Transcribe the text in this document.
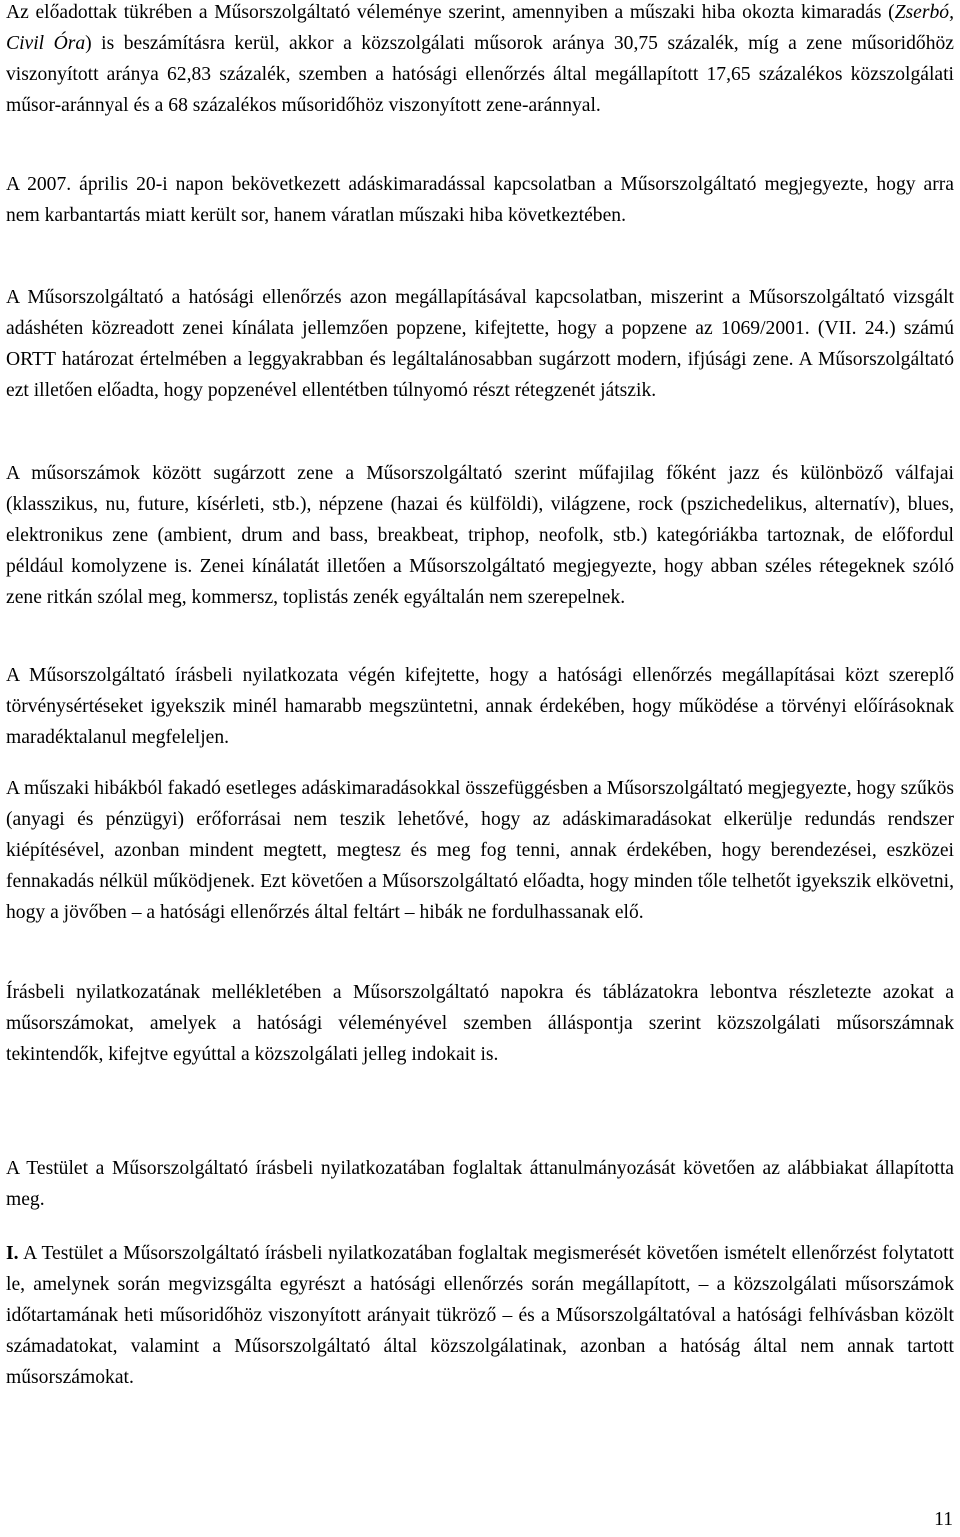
Az előadottak tükrében a Műsorszolgáltató véleménye szerint, amennyiben a műszaki hiba okozta kimaradás (Zserbó, Civil Óra) is beszámításra kerül, akkor a közszolgálati műsorok aránya 30,75 százalék, míg a zene műsoridőhöz viszonyított aránya 62,83 százalék, szemben a hatósági ellenőrzés által megállapított 17,65 százalékos közszolgálati műsor-aránnyal és a 68 százalékos műsoridőhöz viszonyított zene-aránnyal.

A 2007. április 20-i napon bekövetkezett adáskimaradással kapcsolatban a Műsorszolgáltató megjegyezte, hogy arra nem karbantartás miatt került sor, hanem váratlan műszaki hiba következtében.

A Műsorszolgáltató a hatósági ellenőrzés azon megállapításával kapcsolatban, miszerint a Műsorszolgáltató vizsgált adáshéten közreadott zenei kínálata jellemzően popzene, kifejtette, hogy a popzene az 1069/2001. (VII. 24.) számú ORTT határozat értelmében a leggyakrabban és legáltalánosabban sugárzott modern, ifjúsági zene. A Műsorszolgáltató ezt illetően előadta, hogy popzenével ellentétben túlnyomó részt rétegzenét játszik.

A műsorszámok között sugárzott zene a Műsorszolgáltató szerint műfajilag főként jazz és különböző válfajai (klasszikus, nu, future, kísérleti, stb.), népzene (hazai és külföldi), világzene, rock (pszichedelikus, alternatív), blues, elektronikus zene (ambient, drum and bass, breakbeat, triphop, neofolk, stb.) kategóriákba tartoznak, de előfordul például komolyzene is. Zenei kínálatát illetően a Műsorszolgáltató megjegyezte, hogy abban széles rétegeknek szóló zene ritkán szólal meg, kommersz, toplistás zenék egyáltalán nem szerepelnek.

A Műsorszolgáltató írásbeli nyilatkozata végén kifejtette, hogy a hatósági ellenőrzés megállapításai közt szereplő törvénysértéseket igyekszik minél hamarabb megszüntetni, annak érdekében, hogy működése a törvényi előírásoknak maradéktalanul megfeleljen.

A műszaki hibákból fakadó esetleges adáskimaradásokkal összefüggésben a Műsorszolgáltató megjegyezte, hogy szűkös (anyagi és pénzügyi) erőforrásai nem teszik lehetővé, hogy az adáskimaradásokat elkerülje redundás rendszer kiépítésével, azonban mindent megtett, megtesz és meg fog tenni, annak érdekében, hogy berendezései, eszközei fennakadás nélkül működjenek. Ezt követően a Műsorszolgáltató előadta, hogy minden tőle telhetőt igyekszik elkövetni, hogy a jövőben – a hatósági ellenőrzés által feltárt – hibák ne fordulhassanak elő.

Írásbeli nyilatkozatának mellékletében a Műsorszolgáltató napokra és táblázatokra lebontva részletezte azokat a műsorszámokat, amelyek a hatósági véleményével szemben álláspontja szerint közszolgálati műsorszámnak tekintendők, kifejtve egyúttal a közszolgálati jelleg indokait is.

A Testület a Műsorszolgáltató írásbeli nyilatkozatában foglaltak áttanulmányozását követően az alábbiakat állapította meg.

I. A Testület a Műsorszolgáltató írásbeli nyilatkozatában foglaltak megismerését követően ismételt ellenőrzést folytatott le, amelynek során megvizsgálta egyrészt a hatósági ellenőrzés során megállapított, – a közszolgálati műsorszámok időtartamának heti műsoridőhöz viszonyított arányait tükröző – és a Műsorszolgáltatóval a hatósági felhívásban közölt számadatokat, valamint a Műsorszolgáltató által közszolgálatinak, azonban a hatóság által nem annak tartott műsorszámokat.

11
